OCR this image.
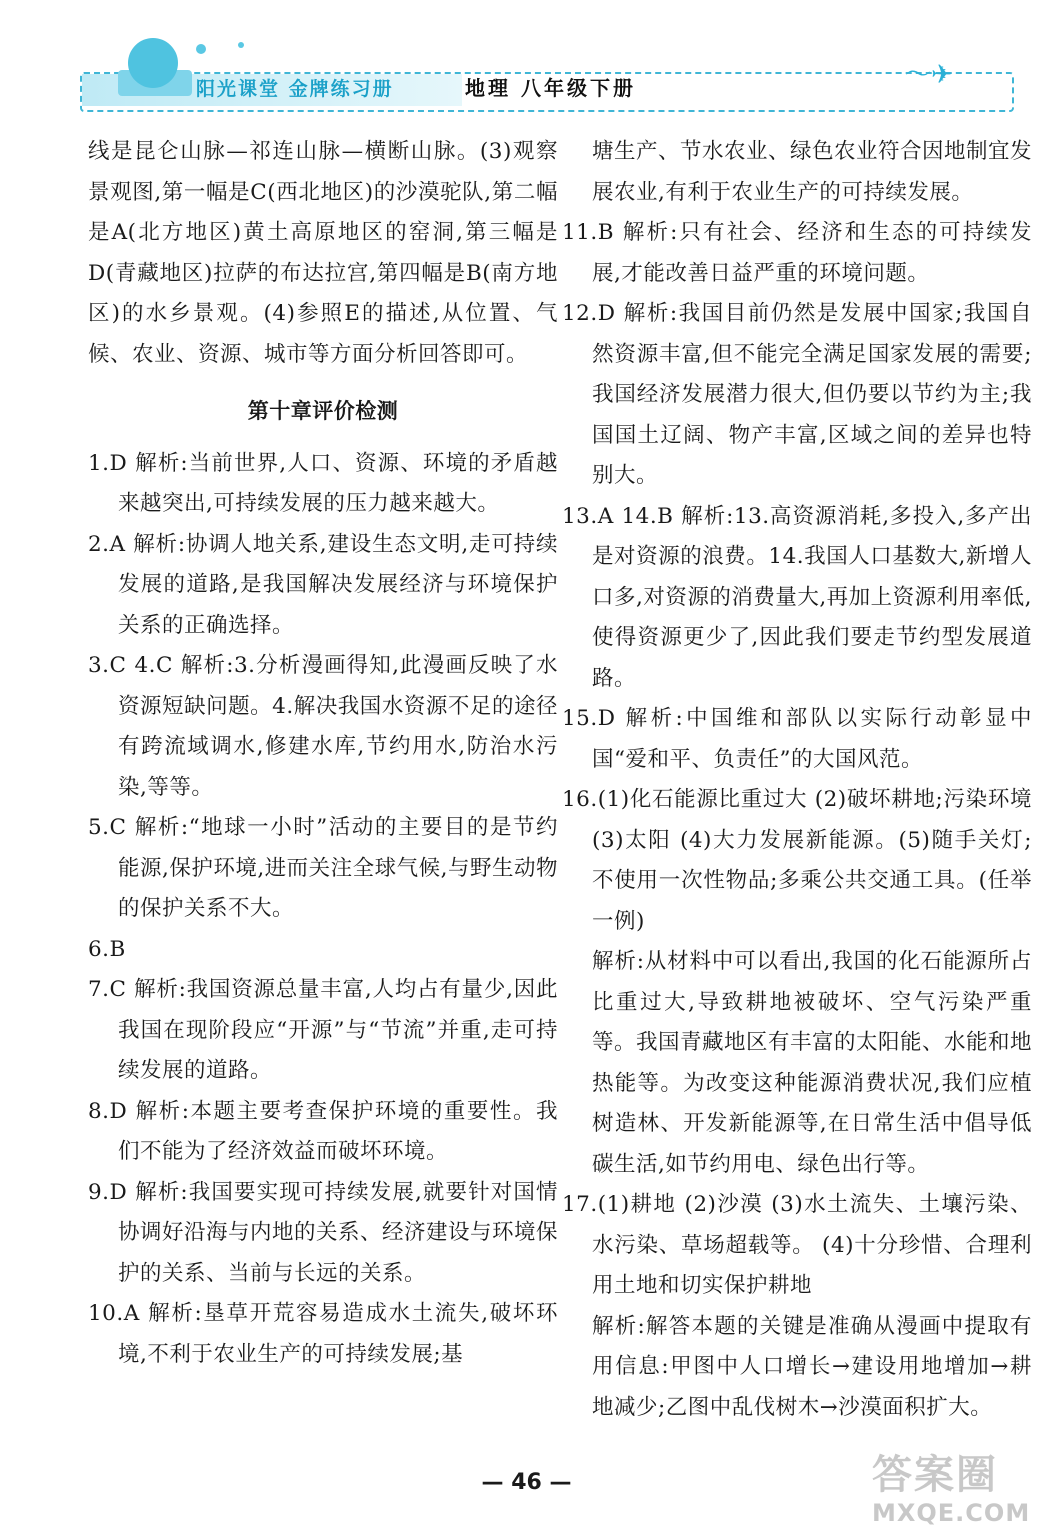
阳光课堂 金牌练习册	地理 八年级下册	〜✈

线是昆仑山脉—祁连山脉—横断山脉。(3)观察景观图,第一幅是C(西北地区)的沙漠驼队,第二幅是A(北方地区)黄土高原地区的窑洞,第三幅是D(青藏地区)拉萨的布达拉宫,第四幅是B(南方地区)的水乡景观。(4)参照E的描述,从位置、气候、农业、资源、城市等方面分析回答即可。

第十章评价检测

1.D 解析:当前世界,人口、资源、环境的矛盾越来越突出,可持续发展的压力越来越大。

2.A 解析:协调人地关系,建设生态文明,走可持续发展的道路,是我国解决发展经济与环境保护关系的正确选择。

3.C 4.C 解析:3.分析漫画得知,此漫画反映了水资源短缺问题。4.解决我国水资源不足的途径有跨流域调水,修建水库,节约用水,防治水污染,等等。

5.C 解析:“地球一小时”活动的主要目的是节约能源,保护环境,进而关注全球气候,与野生动物的保护关系不大。

6.B

7.C 解析:我国资源总量丰富,人均占有量少,因此我国在现阶段应“开源”与“节流”并重,走可持续发展的道路。

8.D 解析:本题主要考查保护环境的重要性。我们不能为了经济效益而破坏环境。

9.D 解析:我国要实现可持续发展,就要针对国情协调好沿海与内地的关系、经济建设与环境保护的关系、当前与长远的关系。

10.A 解析:垦草开荒容易造成水土流失,破坏环境,不利于农业生产的可持续发展;基

塘生产、节水农业、绿色农业符合因地制宜发展农业,有利于农业生产的可持续发展。

11.B 解析:只有社会、经济和生态的可持续发展,才能改善日益严重的环境问题。

12.D 解析:我国目前仍然是发展中国家;我国自然资源丰富,但不能完全满足国家发展的需要;我国经济发展潜力很大,但仍要以节约为主;我国国土辽阔、物产丰富,区域之间的差异也特别大。

13.A 14.B 解析:13.高资源消耗,多投入,多产出是对资源的浪费。14.我国人口基数大,新增人口多,对资源的消费量大,再加上资源利用率低,使得资源更少了,因此我们要走节约型发展道路。

15.D 解析:中国维和部队以实际行动彰显中国“爱和平、负责任”的大国风范。

16.(1)化石能源比重过大 (2)破坏耕地;污染环境 (3)太阳 (4)大力发展新能源。(5)随手关灯;不使用一次性物品;多乘公共交通工具。(任举一例)

解析:从材料中可以看出,我国的化石能源所占比重过大,导致耕地被破坏、空气污染严重等。我国青藏地区有丰富的太阳能、水能和地热能等。为改变这种能源消费状况,我们应植树造林、开发新能源等,在日常生活中倡导低碳生活,如节约用电、绿色出行等。

17.(1)耕地 (2)沙漠 (3)水土流失、土壤污染、水污染、草场超载等。 (4)十分珍惜、合理利用土地和切实保护耕地

解析:解答本题的关键是准确从漫画中提取有用信息:甲图中人口增长→建设用地增加→耕地减少;乙图中乱伐树木→沙漠面积扩大。

— 46 —	答案圈
MXQE.COM
